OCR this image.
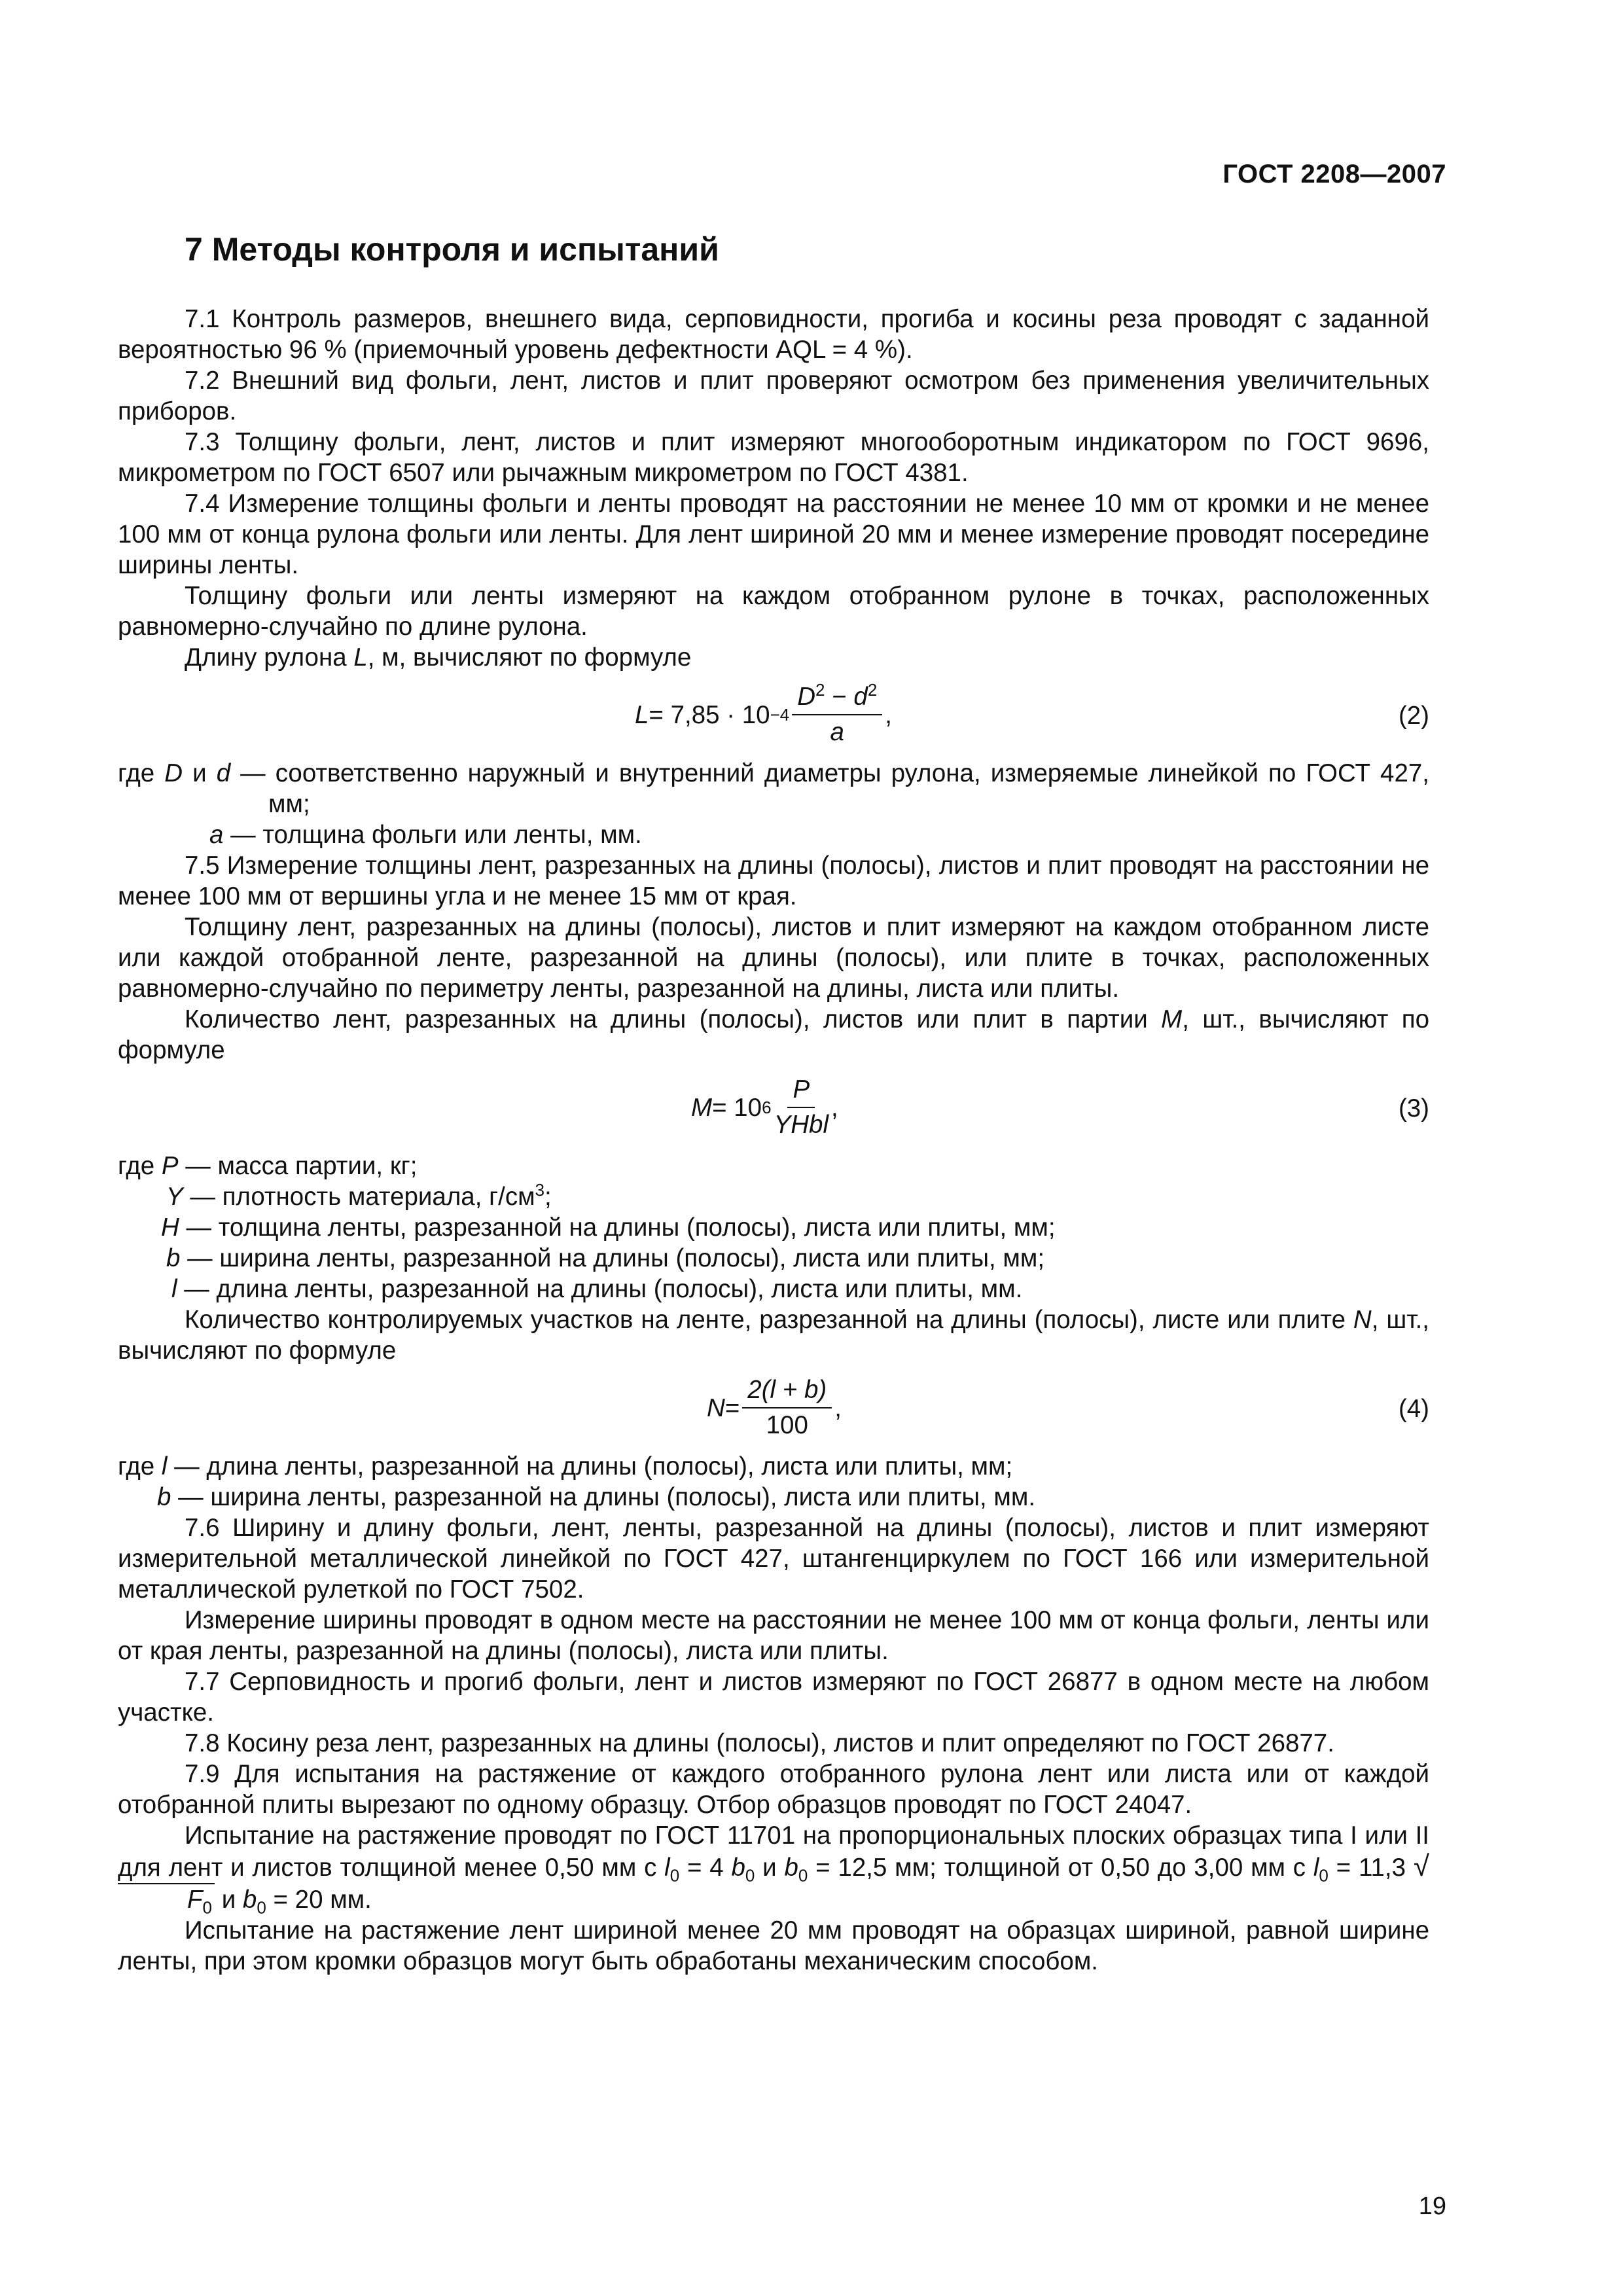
ГОСТ 2208—2007
7 Методы контроля и испытаний

7.1 Контроль размеров, внешнего вида, серповидности, прогиба и косины реза проводят с заданной вероятностью 96 % (приемочный уровень дефектности AQL = 4 %).

7.2 Внешний вид фольги, лент, листов и плит проверяют осмотром без применения увеличительных приборов.

7.3 Толщину фольги, лент, листов и плит измеряют многооборотным индикатором по ГОСТ 9696, микрометром по ГОСТ 6507 или рычажным микрометром по ГОСТ 4381.

7.4 Измерение толщины фольги и ленты проводят на расстоянии не менее 10 мм от кромки и не менее 100 мм от конца рулона фольги или ленты. Для лент шириной 20 мм и менее измерение проводят посередине ширины ленты.

Толщину фольги или ленты измеряют на каждом отобранном рулоне в точках, расположенных равномерно-случайно по длине рулона.

Длину рулона L, м, вычисляют по формуле

$L = 7,85 \cdot 10 -4 \frac{D^2 - d^2}{a}$ ,	(2)

где D и d — соответственно наружный и внутренний диаметры рулона, измеряемые линейкой по ГОСТ 427, мм;

a — толщина фольги или ленты, мм.

7.5 Измерение толщины лент, разрезанных на длины (полосы), листов и плит проводят на расстоянии не менее 100 мм от вершины угла и не менее 15 мм от края.

Толщину лент, разрезанных на длины (полосы), листов и плит измеряют на каждом отобранном листе или каждой отобранной ленте, разрезанной на длины (полосы), или плите в точках, расположенных равномерно-случайно по периметру ленты, разрезанной на длины, листа или плиты.

Количество лент, разрезанных на длины (полосы), листов или плит в партии M, шт., вычисляют по формуле

M = 10 $6 \frac{P}{\text{YHbl}}$ ,	(3)

где P — масса партии, кг;

Y — плотность материала, $г/см^3$;

H — толщина ленты, разрезанной на длины (полосы), листа или плиты, мм;

b — ширина ленты, разрезанной на длины (полосы), листа или плиты, мм;

l — длина ленты, разрезанной на длины (полосы), листа или плиты, мм.

Количество контролируемых участков на ленте, разрезанной на длины (полосы), листе или плите N, шт., вычисляют по формуле

$N = \frac{2(l + b)}{100}$ ,	(4)

где l — длина ленты, разрезанной на длины (полосы), листа или плиты, мм;

b — ширина ленты, разрезанной на длины (полосы), листа или плиты, мм.

7.6 Ширину и длину фольги, лент, ленты, разрезанной на длины (полосы), листов и плит измеряют измерительной металлической линейкой по ГОСТ 427, штангенциркулем по ГОСТ 166 или измерительной металлической рулеткой по ГОСТ 7502.

Измерение ширины проводят в одном месте на расстоянии не менее 100 мм от конца фольги, ленты или от края ленты, разрезанной на длины (полосы), листа или плиты.

7.7 Серповидность и прогиб фольги, лент и листов измеряют по ГОСТ 26877 в одном месте на любом участке.

7.8 Косину реза лент, разрезанных на длины (полосы), листов и плит определяют по ГОСТ 26877.

7.9 Для испытания на растяжение от каждого отобранного рулона лент или листа или от каждой отобранной плиты вырезают по одному образцу. Отбор образцов проводят по ГОСТ 24047.

Испытание на растяжение проводят по ГОСТ 11701 на пропорциональных плоских образцах типа I или II для лент и листов толщиной менее 0,50 мм с $l_0 = 4$ $b_0$ и $b_0 = 12,5$ мм; толщиной от 0,50 до 3,00 мм с $l_0 = 11,3$ $√F_0$ и $b_0 = 20$ мм.

Испытание на растяжение лент шириной менее 20 мм проводят на образцах шириной, равной ширине ленты, при этом кромки образцов могут быть обработаны механическим способом.

19
